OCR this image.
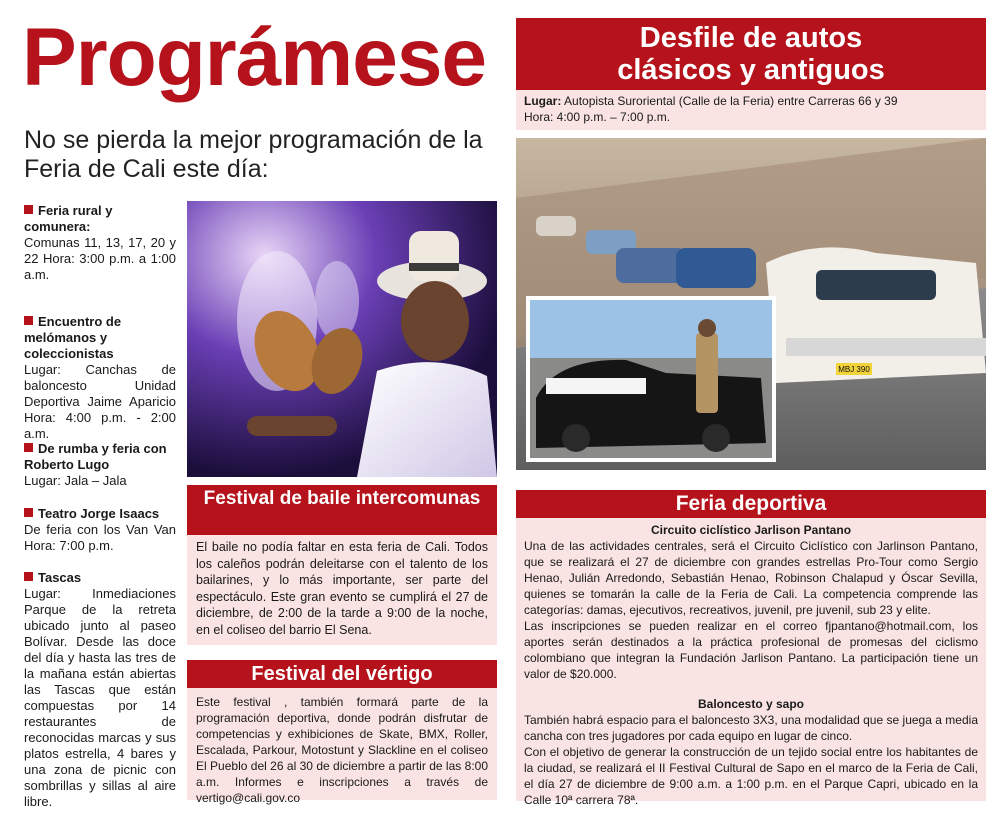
Prográmese
No se pierda la mejor programación de la Feria de Cali este día:
Feria rural y comunera:
Comunas 11, 13, 17, 20 y 22 Hora: 3:00 p.m. a 1:00 a.m.
Encuentro de melómanos y coleccionistas
Lugar: Canchas de baloncesto Unidad Deportiva Jaime Aparicio Hora: 4:00 p.m. - 2:00 a.m.
De rumba y feria con Roberto Lugo
Lugar: Jala – Jala
Teatro Jorge Isaacs
De feria con los Van Van Hora: 7:00 p.m.
Tascas
Lugar: Inmediaciones Parque de la retreta ubicado junto al paseo Bolívar. Desde las doce del día y hasta las tres de la mañana están abiertas las Tascas que están compuestas por 14 restaurantes de reconocidas marcas y sus platos estrella, 4 bares y una zona de picnic con sombrillas y sillas al aire libre.
Festival de baile intercomunas
El baile no podía faltar en esta feria de Cali. Todos los caleños podrán deleitarse con el talento de los bailarines, y lo más importante, ser parte del espectáculo. Este gran evento se cumplirá el 27 de diciembre, de 2:00 de la tarde a 9:00 de la noche, en el coliseo del barrio El Sena.
Festival del vértigo
Este festival , también formará parte de la programación deportiva, donde podrán disfrutar de competencias y exhibiciones de Skate, BMX, Roller, Escalada, Parkour, Motostunt y Slackline en el coliseo El Pueblo del 26 al 30 de diciembre a partir de las 8:00 a.m. Informes e inscripciones a través de vertigo@cali.gov.co
Desfile de autos
clásicos y antiguos
Lugar: Autopista Suroriental (Calle de la Feria) entre Carreras 66 y 39
Hora: 4:00 p.m. – 7:00 p.m.
MBJ 390
Feria deportiva
Circuito ciclístico Jarlison Pantano
Una de las actividades centrales, será el Circuito Ciclístico con Jarlinson Pantano, que se realizará el 27 de diciembre con grandes estrellas Pro-Tour como Sergio Henao, Julián Arredondo, Sebastián Henao, Robinson Chalapud y Óscar Sevilla, quienes se tomarán la calle de la Feria de Cali. La competencia comprende las categorías: damas, ejecutivos, recreativos, juvenil, pre juvenil, sub 23 y elite.
Las inscripciones se pueden realizar en el correo fjpantano@hotmail.com, los aportes serán destinados a la práctica profesional de promesas del ciclismo colombiano que integran la Fundación Jarlison Pantano. La participación tiene un valor de $20.000.
Baloncesto y sapo
También habrá espacio para el baloncesto 3X3, una modalidad que se juega a media cancha con tres jugadores por cada equipo en lugar de cinco.
Con el objetivo de generar la construcción de un tejido social entre los habitantes de la ciudad, se realizará el II Festival Cultural de Sapo en el marco de la Feria de Cali, el día 27 de diciembre de 9:00 a.m. a 1:00 p.m. en el Parque Capri, ubicado en la Calle 10ª carrera 78ª.
